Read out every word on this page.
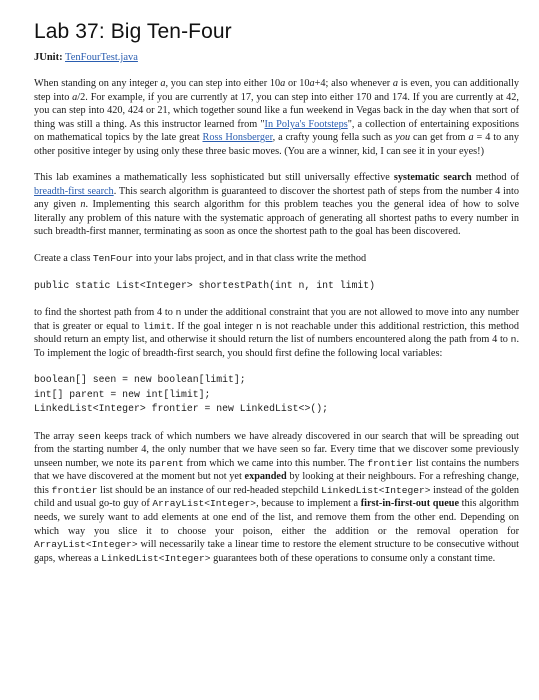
Lab 37: Big Ten-Four
JUnit: TenFourTest.java

When standing on any integer a, you can step into either 10a or 10a+4; also whenever a is even, you can additionally step into a/2. For example, if you are currently at 17, you can step into either 170 and 174. If you are currently at 42, you can step into 420, 424 or 21, which together sound like a fun weekend in Vegas back in the day when that sort of thing was still a thing. As this instructor learned from "In Polya's Footsteps", a collection of entertaining expositions on mathematical topics by the late great Ross Honsberger, a crafty young fella such as you can get from a = 4 to any other positive integer by using only these three basic moves. (You are a winner, kid, I can see it in your eyes!)

This lab examines a mathematically less sophisticated but still universally effective systematic search method of breadth-first search. This search algorithm is guaranteed to discover the shortest path of steps from the number 4 into any given n. Implementing this search algorithm for this problem teaches you the general idea of how to solve literally any problem of this nature with the systematic approach of generating all shortest paths to every number in such breadth-first manner, terminating as soon as once the shortest path to the goal has been discovered.

Create a class TenFour into your labs project, and in that class write the method

public static List<Integer> shortestPath(int n, int limit)

to find the shortest path from 4 to n under the additional constraint that you are not allowed to move into any number that is greater or equal to limit. If the goal integer n is not reachable under this additional restriction, this method should return an empty list, and otherwise it should return the list of numbers encountered along the path from 4 to n. To implement the logic of breadth-first search, you should first define the following local variables:

boolean[] seen = new boolean[limit];
int[] parent = new int[limit];
LinkedList<Integer> frontier = new LinkedList<>();

The array seen keeps track of which numbers we have already discovered in our search that will be spreading out from the starting number 4, the only number that we have seen so far. Every time that we discover some previously unseen number, we note its parent from which we came into this number. The frontier list contains the numbers that we have discovered at the moment but not yet expanded by looking at their neighbours. For a refreshing change, this frontier list should be an instance of our red-headed stepchild LinkedList<Integer> instead of the golden child and usual go-to guy of ArrayList<Integer>, because to implement a first-in-first-out queue this algorithm needs, we surely want to add elements at one end of the list, and remove them from the other end. Depending on which way you slice it to choose your poison, either the addition or the removal operation for ArrayList<Integer> will necessarily take a linear time to restore the element structure to be consecutive without gaps, whereas a LinkedList<Integer> guarantees both of these operations to consume only a constant time.
